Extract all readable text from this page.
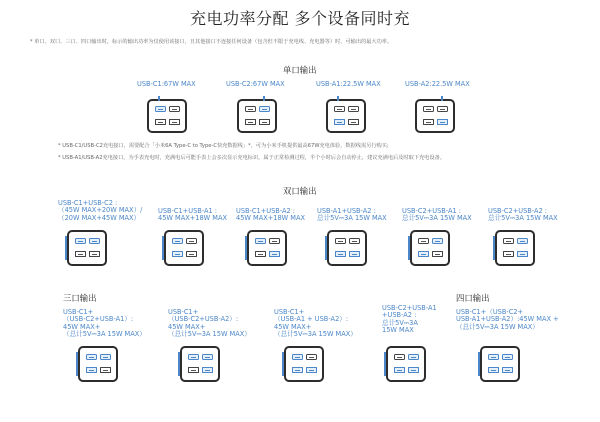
充电功率分配 多个设备同时充
* 单口、双口、三口、四口输出时，标示的输出功率为仅使用该接口，且其他接口不连接任何设备（包含但不限于充电线、充电器等）时，可输出的最大功率。
单口输出
USB-C1:67W MAX	USB-C2:67W MAX	USB-A1:22.5W MAX	USB-A2:22.5W MAX
* USB-C1/USB-C2充电接口，需要配合「小米6A Type-C to Type-C快充数据线」*，可为小米手机提供最高67W充电体验，数据线需另行购买;
* USB-A1/USB-A2充电接口，为手表充电时，充满电后可能手表上会多次显示充电标识，属于正常检测过程，半个小时后会自动停止，建议充满电后及时取下充电设备。
双口输出
USB-C1+USB-C2 :
（45W MAX+20W MAX）/
（20W MAX+45W MAX）
USB-C1+USB-A1 :
45W MAX+18W MAX
USB-C1+USB-A2 :
45W MAX+18W MAX
USB-A1+USB-A2 :
总计5V⎓3A 15W MAX
USB-C2+USB-A1 :
总计5V⎓3A 15W MAX
USB-C2+USB-A2 :
总计5V⎓3A 15W MAX
三口输出
USB-C1+
（USB-C2+USB-A1）:
45W MAX+
（总计5V⎓3A 15W MAX）
USB-C1+
（USB-C2+USB-A2）:
45W MAX+
（总计5V⎓3A 15W MAX）
USB-C1+
（USB-A1 + USB-A2）:
45W MAX+
（总计5V⎓3A 15W MAX）
USB-C2+USB-A1
+USB-A2 :
总计5V⎓3A
15W MAX
四口输出
USB-C1+（USB-C2+
USB-A1+USB-A2）:45W MAX +
（总计5V⎓3A 15W MAX）
